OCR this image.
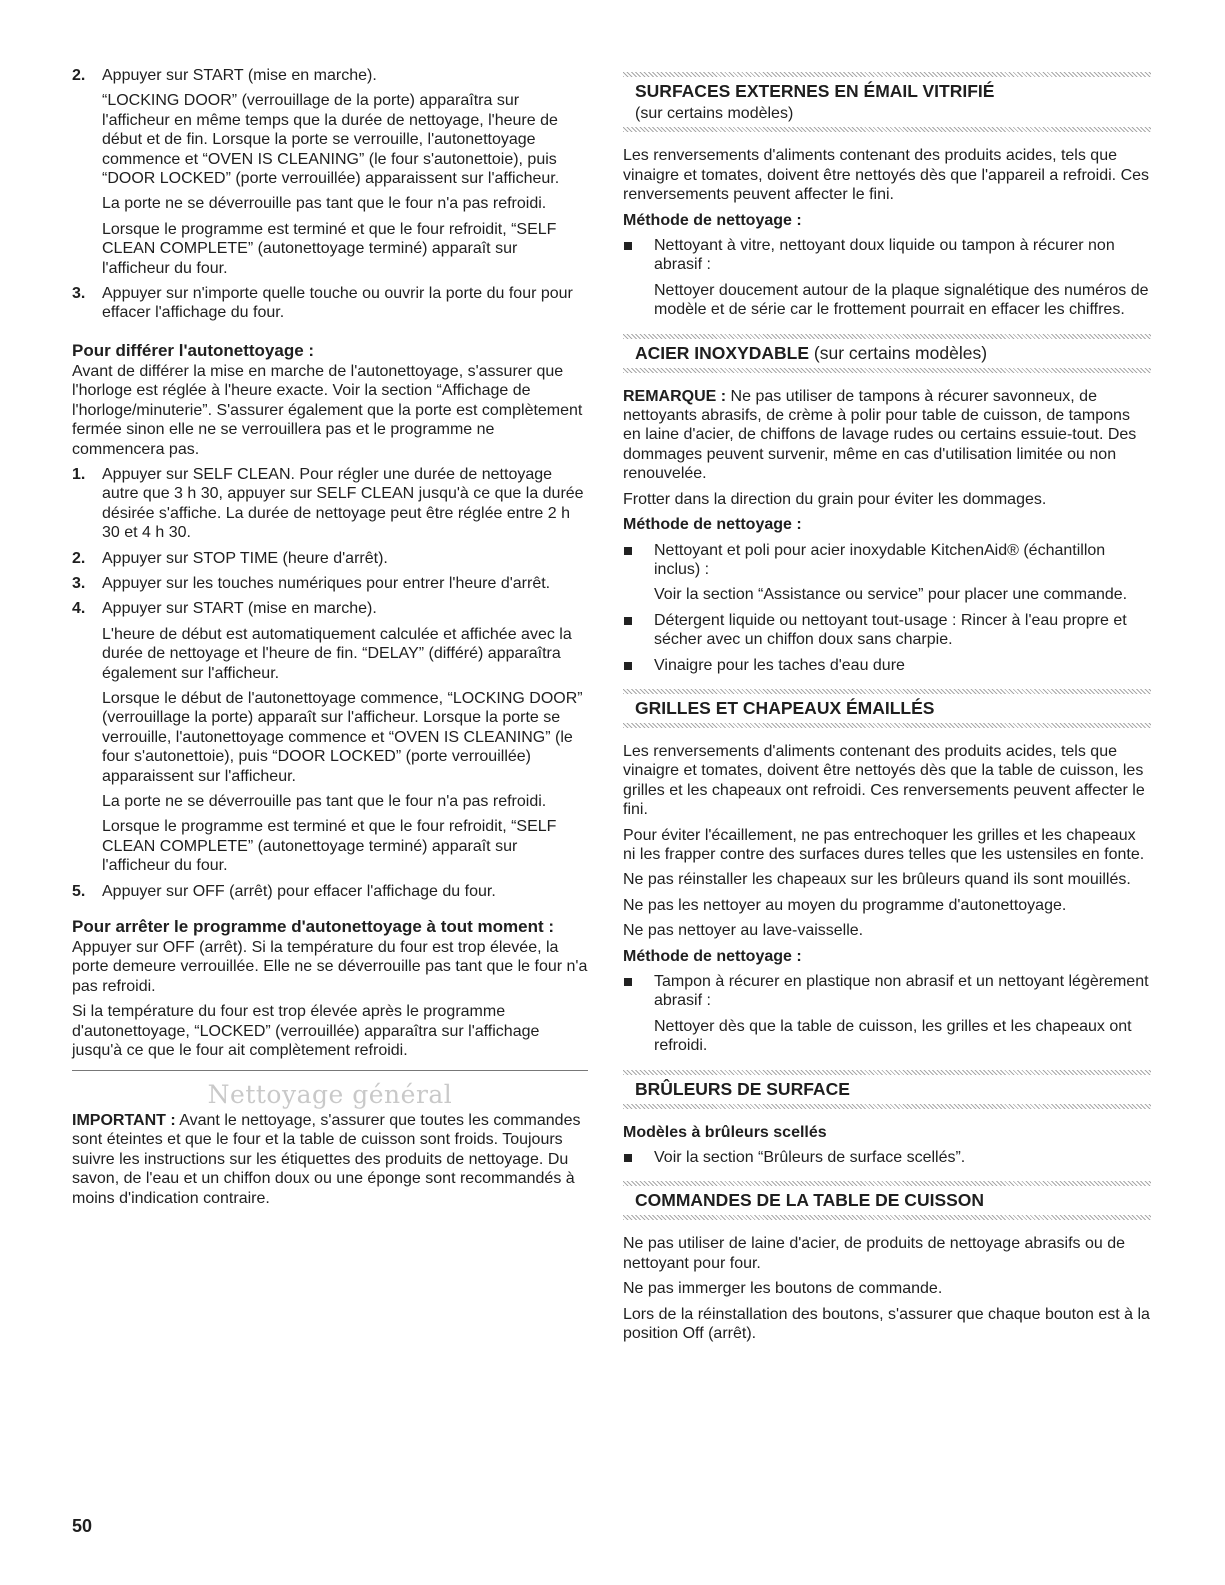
2. Appuyer sur START (mise en marche).

“LOCKING DOOR” (verrouillage de la porte) apparaîtra sur l'afficheur en même temps que la durée de nettoyage, l'heure de début et de fin. Lorsque la porte se verrouille, l'autonettoyage commence et “OVEN IS CLEANING” (le four s'autonettoie), puis “DOOR LOCKED” (porte verrouillée) apparaissent sur l'afficheur.

La porte ne se déverrouille pas tant que le four n'a pas refroidi.

Lorsque le programme est terminé et que le four refroidit, “SELF CLEAN COMPLETE” (autonettoyage terminé) apparaît sur l'afficheur du four.

3. Appuyer sur n'importe quelle touche ou ouvrir la porte du four pour effacer l'affichage du four.
Pour différer l'autonettoyage :

Avant de différer la mise en marche de l'autonettoyage, s'assurer que l'horloge est réglée à l'heure exacte. Voir la section “Affichage de l'horloge/minuterie”. S'assurer également que la porte est complètement fermée sinon elle ne se verrouillera pas et le programme ne commencera pas.

1. Appuyer sur SELF CLEAN. Pour régler une durée de nettoyage autre que 3 h 30, appuyer sur SELF CLEAN jusqu'à ce que la durée désirée s'affiche. La durée de nettoyage peut être réglée entre 2 h 30 et 4 h 30.
2. Appuyer sur STOP TIME (heure d'arrêt).
3. Appuyer sur les touches numériques pour entrer l'heure d'arrêt.
4. Appuyer sur START (mise en marche).

L'heure de début est automatiquement calculée et affichée avec la durée de nettoyage et l'heure de fin. “DELAY” (différé) apparaîtra également sur l'afficheur.

Lorsque le début de l'autonettoyage commence, “LOCKING DOOR” (verrouillage la porte) apparaît sur l'afficheur. Lorsque la porte se verrouille, l'autonettoyage commence et “OVEN IS CLEANING” (le four s'autonettoie), puis “DOOR LOCKED” (porte verrouillée) apparaissent sur l'afficheur.

La porte ne se déverrouille pas tant que le four n'a pas refroidi.

Lorsque le programme est terminé et que le four refroidit, “SELF CLEAN COMPLETE” (autonettoyage terminé) apparaît sur l'afficheur du four.

5. Appuyer sur OFF (arrêt) pour effacer l'affichage du four.
Pour arrêter le programme d'autonettoyage à tout moment :

Appuyer sur OFF (arrêt). Si la température du four est trop élevée, la porte demeure verrouillée. Elle ne se déverrouille pas tant que le four n'a pas refroidi.

Si la température du four est trop élevée après le programme d'autonettoyage, “LOCKED” (verrouillée) apparaîtra sur l'affichage jusqu'à ce que le four ait complètement refroidi.

Nettoyage général

IMPORTANT : Avant le nettoyage, s'assurer que toutes les commandes sont éteintes et que le four et la table de cuisson sont froids. Toujours suivre les instructions sur les étiquettes des produits de nettoyage. Du savon, de l'eau et un chiffon doux ou une éponge sont recommandés à moins d'indication contraire.

SURFACES EXTERNES EN ÉMAIL VITRIFIÉ
(sur certains modèles)

Les renversements d'aliments contenant des produits acides, tels que vinaigre et tomates, doivent être nettoyés dès que l'appareil a refroidi. Ces renversements peuvent affecter le fini.

Méthode de nettoyage :
Nettoyant à vitre, nettoyant doux liquide ou tampon à récurer non abrasif :

Nettoyer doucement autour de la plaque signalétique des numéros de modèle et de série car le frottement pourrait en effacer les chiffres.

ACIER INOXYDABLE (sur certains modèles)

REMARQUE : Ne pas utiliser de tampons à récurer savonneux, de nettoyants abrasifs, de crème à polir pour table de cuisson, de tampons en laine d'acier, de chiffons de lavage rudes ou certains essuie-tout. Des dommages peuvent survenir, même en cas d'utilisation limitée ou non renouvelée.

Frotter dans la direction du grain pour éviter les dommages.

Méthode de nettoyage :
Nettoyant et poli pour acier inoxydable KitchenAid® (échantillon inclus) :

Voir la section “Assistance ou service” pour placer une commande.

Détergent liquide ou nettoyant tout-usage : Rincer à l'eau propre et sécher avec un chiffon doux sans charpie.
Vinaigre pour les taches d'eau dure
GRILLES ET CHAPEAUX ÉMAILLÉS

Les renversements d'aliments contenant des produits acides, tels que vinaigre et tomates, doivent être nettoyés dès que la table de cuisson, les grilles et les chapeaux ont refroidi. Ces renversements peuvent affecter le fini.

Pour éviter l'écaillement, ne pas entrechoquer les grilles et les chapeaux ni les frapper contre des surfaces dures telles que les ustensiles en fonte.

Ne pas réinstaller les chapeaux sur les brûleurs quand ils sont mouillés.

Ne pas les nettoyer au moyen du programme d'autonettoyage.

Ne pas nettoyer au lave-vaisselle.

Méthode de nettoyage :
Tampon à récurer en plastique non abrasif et un nettoyant légèrement abrasif :

Nettoyer dès que la table de cuisson, les grilles et les chapeaux ont refroidi.

BRÛLEURS DE SURFACE
Modèles à brûleurs scellés
Voir la section “Brûleurs de surface scellés”.
COMMANDES DE LA TABLE DE CUISSON

Ne pas utiliser de laine d'acier, de produits de nettoyage abrasifs ou de nettoyant pour four.

Ne pas immerger les boutons de commande.

Lors de la réinstallation des boutons, s'assurer que chaque bouton est à la position Off (arrêt).

50
